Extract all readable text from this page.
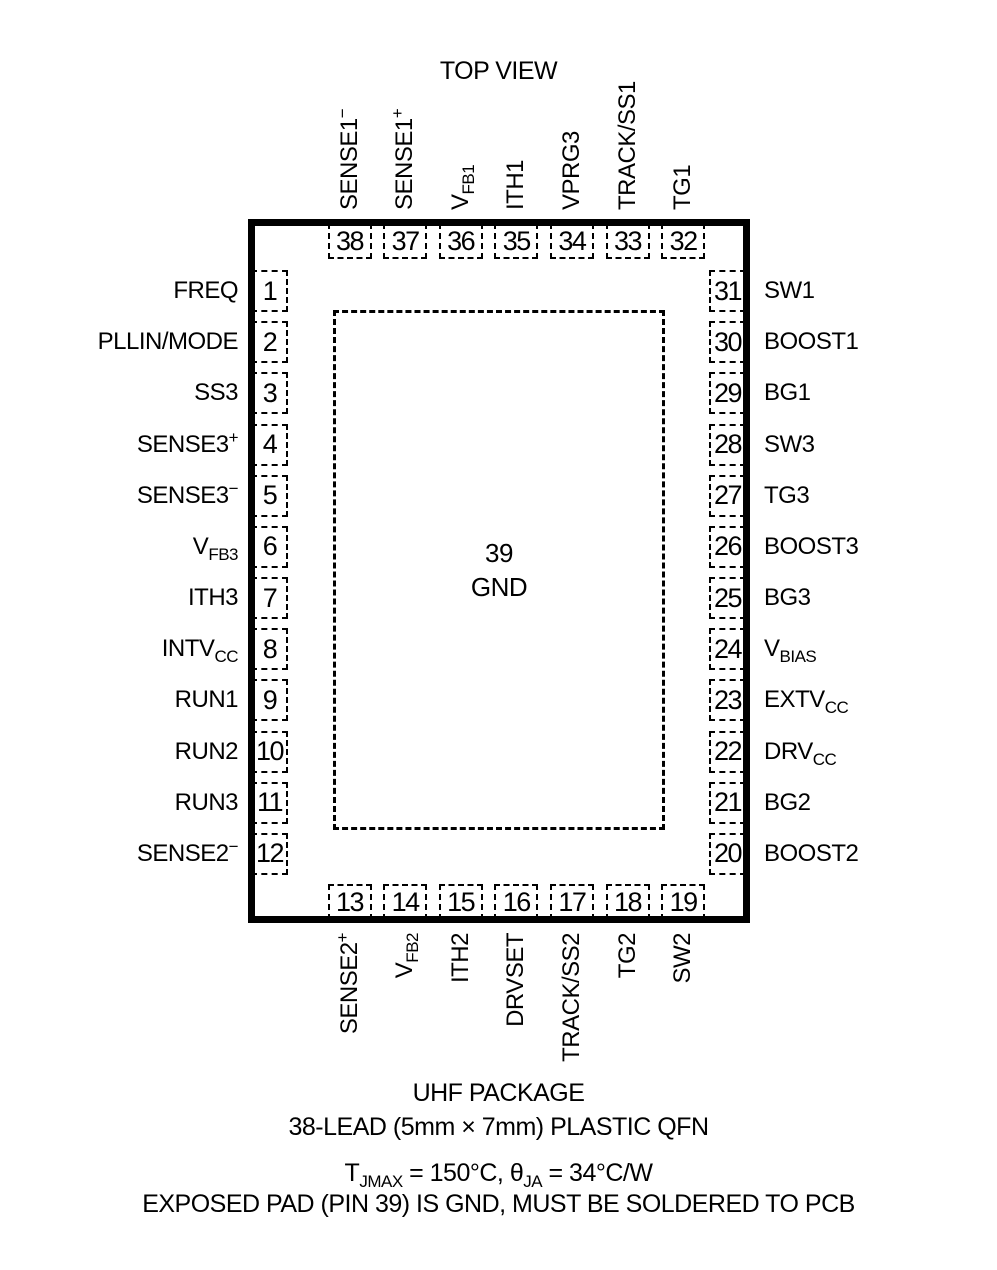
TOP VIEW
38
SENSE1−
37
SENSE1+
36
$V_{FB1}$
35
ITH1
34
VPRG3
33
TRACK/SS1
32
TG1
13
SENSE2+
14
$V_{FB2}$
15
ITH2
16
DRVSET
17
TRACK/SS2
18
TG2
19
SW2
1
FREQ
2
PLLIN/MODE
3
SS3
4
SENSE3+
5
SENSE3−
6
$V_{FB3}$
7
ITH3
8
$INTV_{CC}$
9
RUN1
10
RUN2
11
RUN3
12
SENSE2−
31 SW1
30 BOOST1
29 BG1
28 SW3
27 TG3
26 BOOST3
25 BG3
24 $V_{BIAS}$
23 $EXTV_{CC}$
22 $DRV_{CC}$
21 BG2
20 BOOST2
39
GND
UHF PACKAGE
38-LEAD (5mm × 7mm) PLASTIC QFN
$T_{JMAX} = 150^\circ C$, $\theta_{JA} = 34^\circ C/W$
EXPOSED PAD (PIN 39) IS GND, MUST BE SOLDERED TO PCB
